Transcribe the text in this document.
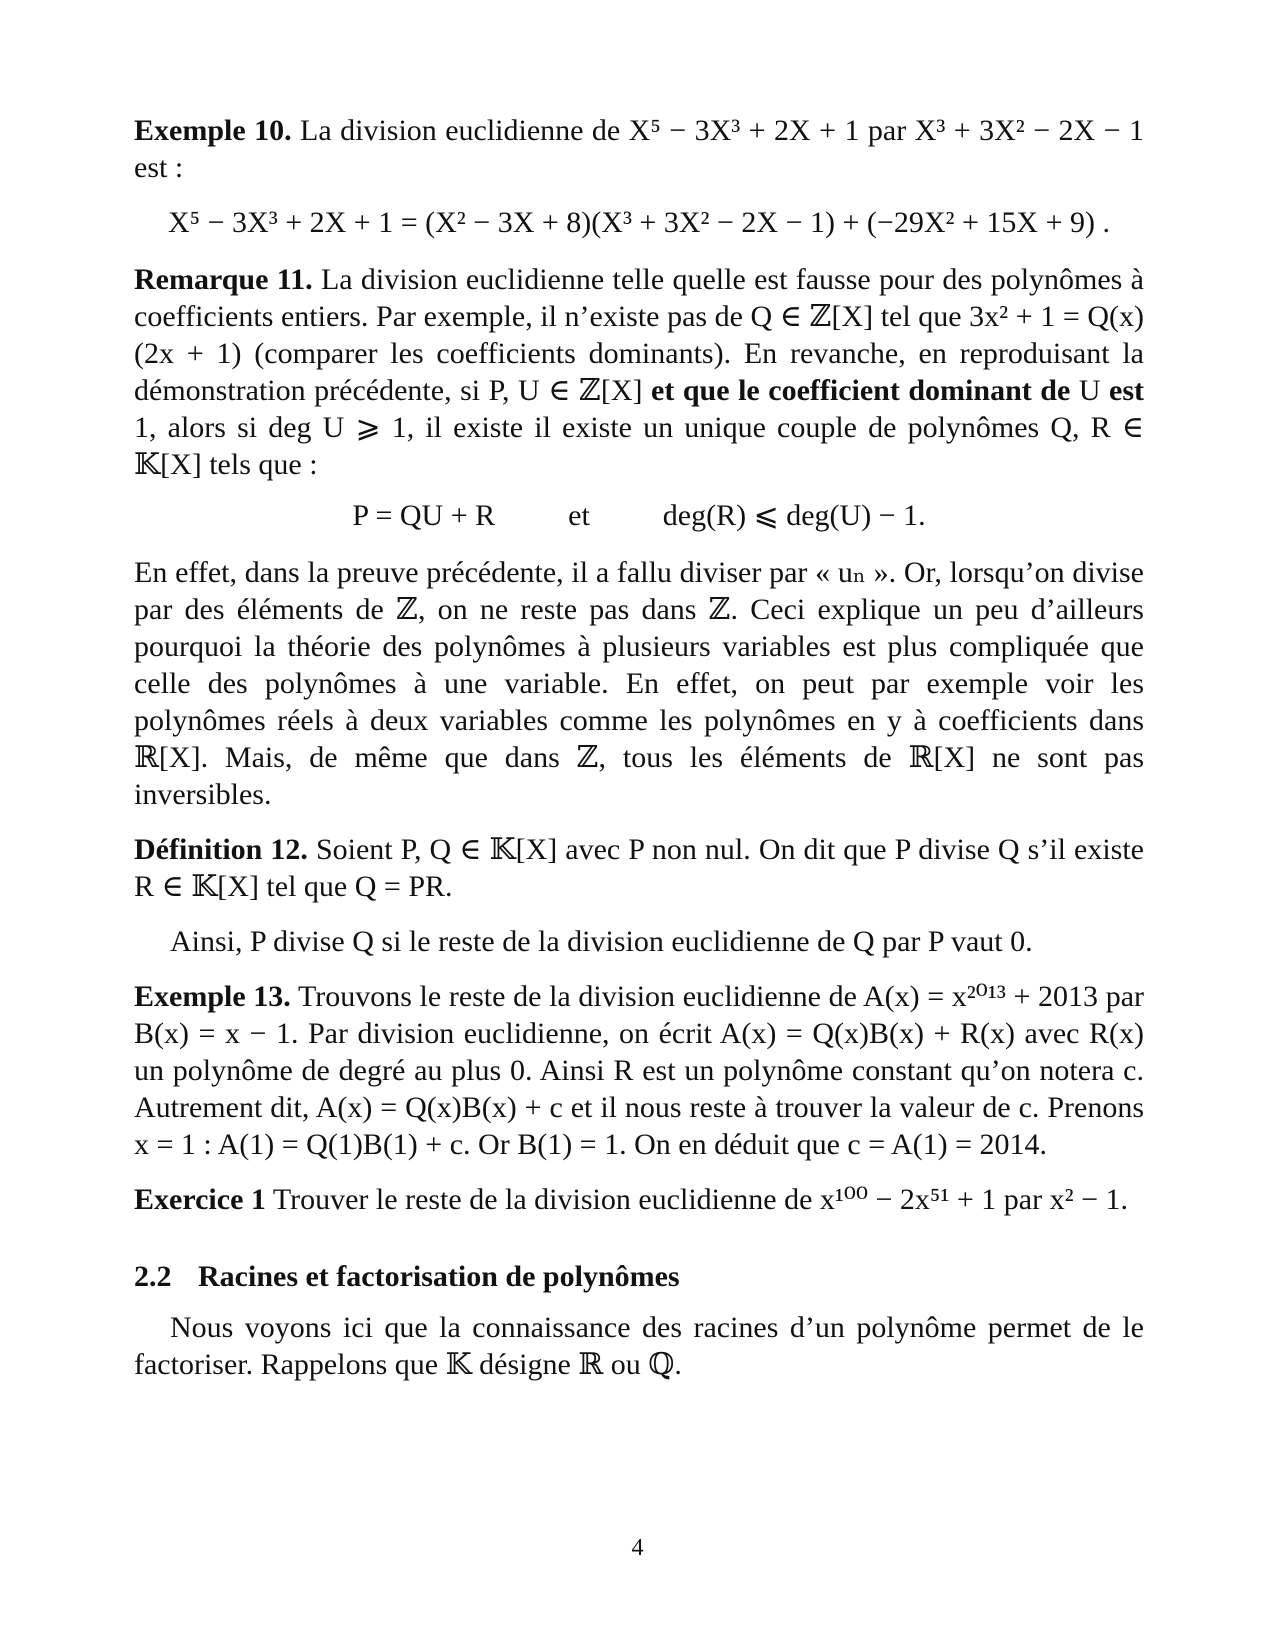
Exemple 10. La division euclidienne de X⁵ − 3X³ + 2X + 1 par X³ + 3X² − 2X − 1 est :

X⁵ − 3X³ + 2X + 1 = (X² − 3X + 8)(X³ + 3X² − 2X − 1) + (−29X² + 15X + 9) .

Remarque 11. La division euclidienne telle quelle est fausse pour des polynômes à coefficients entiers. Par exemple, il n’existe pas de Q ∈ ℤ[X] tel que 3x² + 1 = Q(x)(2x + 1) (comparer les coefficients dominants). En revanche, en reproduisant la démonstration précédente, si P, U ∈ ℤ[X] et que le coefficient dominant de U est 1, alors si deg U ⩾ 1, il existe il existe un unique couple de polynômes Q, R ∈ 𝕂[X] tels que :

P = QU + R et deg(R) ⩽ deg(U) − 1.

En effet, dans la preuve précédente, il a fallu diviser par « uₙ ». Or, lorsqu’on divise par des éléments de ℤ, on ne reste pas dans ℤ. Ceci explique un peu d’ailleurs pourquoi la théorie des polynômes à plusieurs variables est plus compliquée que celle des polynômes à une variable. En effet, on peut par exemple voir les polynômes réels à deux variables comme les polynômes en y à coefficients dans ℝ[X]. Mais, de même que dans ℤ, tous les éléments de ℝ[X] ne sont pas inversibles.

Définition 12. Soient P, Q ∈ 𝕂[X] avec P non nul. On dit que P divise Q s’il existe R ∈ 𝕂[X] tel que Q = PR.

Ainsi, P divise Q si le reste de la division euclidienne de Q par P vaut 0.

Exemple 13. Trouvons le reste de la division euclidienne de A(x) = x²⁰¹³ + 2013 par B(x) = x − 1. Par division euclidienne, on écrit A(x) = Q(x)B(x) + R(x) avec R(x) un polynôme de degré au plus 0. Ainsi R est un polynôme constant qu’on notera c. Autrement dit, A(x) = Q(x)B(x) + c et il nous reste à trouver la valeur de c. Prenons x = 1 : A(1) = Q(1)B(1) + c. Or B(1) = 1. On en déduit que c = A(1) = 2014.

Exercice 1 Trouver le reste de la division euclidienne de x¹⁰⁰ − 2x⁵¹ + 1 par x² − 1.

2.2 Racines et factorisation de polynômes

Nous voyons ici que la connaissance des racines d’un polynôme permet de le factoriser. Rappelons que 𝕂 désigne ℝ ou ℚ.

4
